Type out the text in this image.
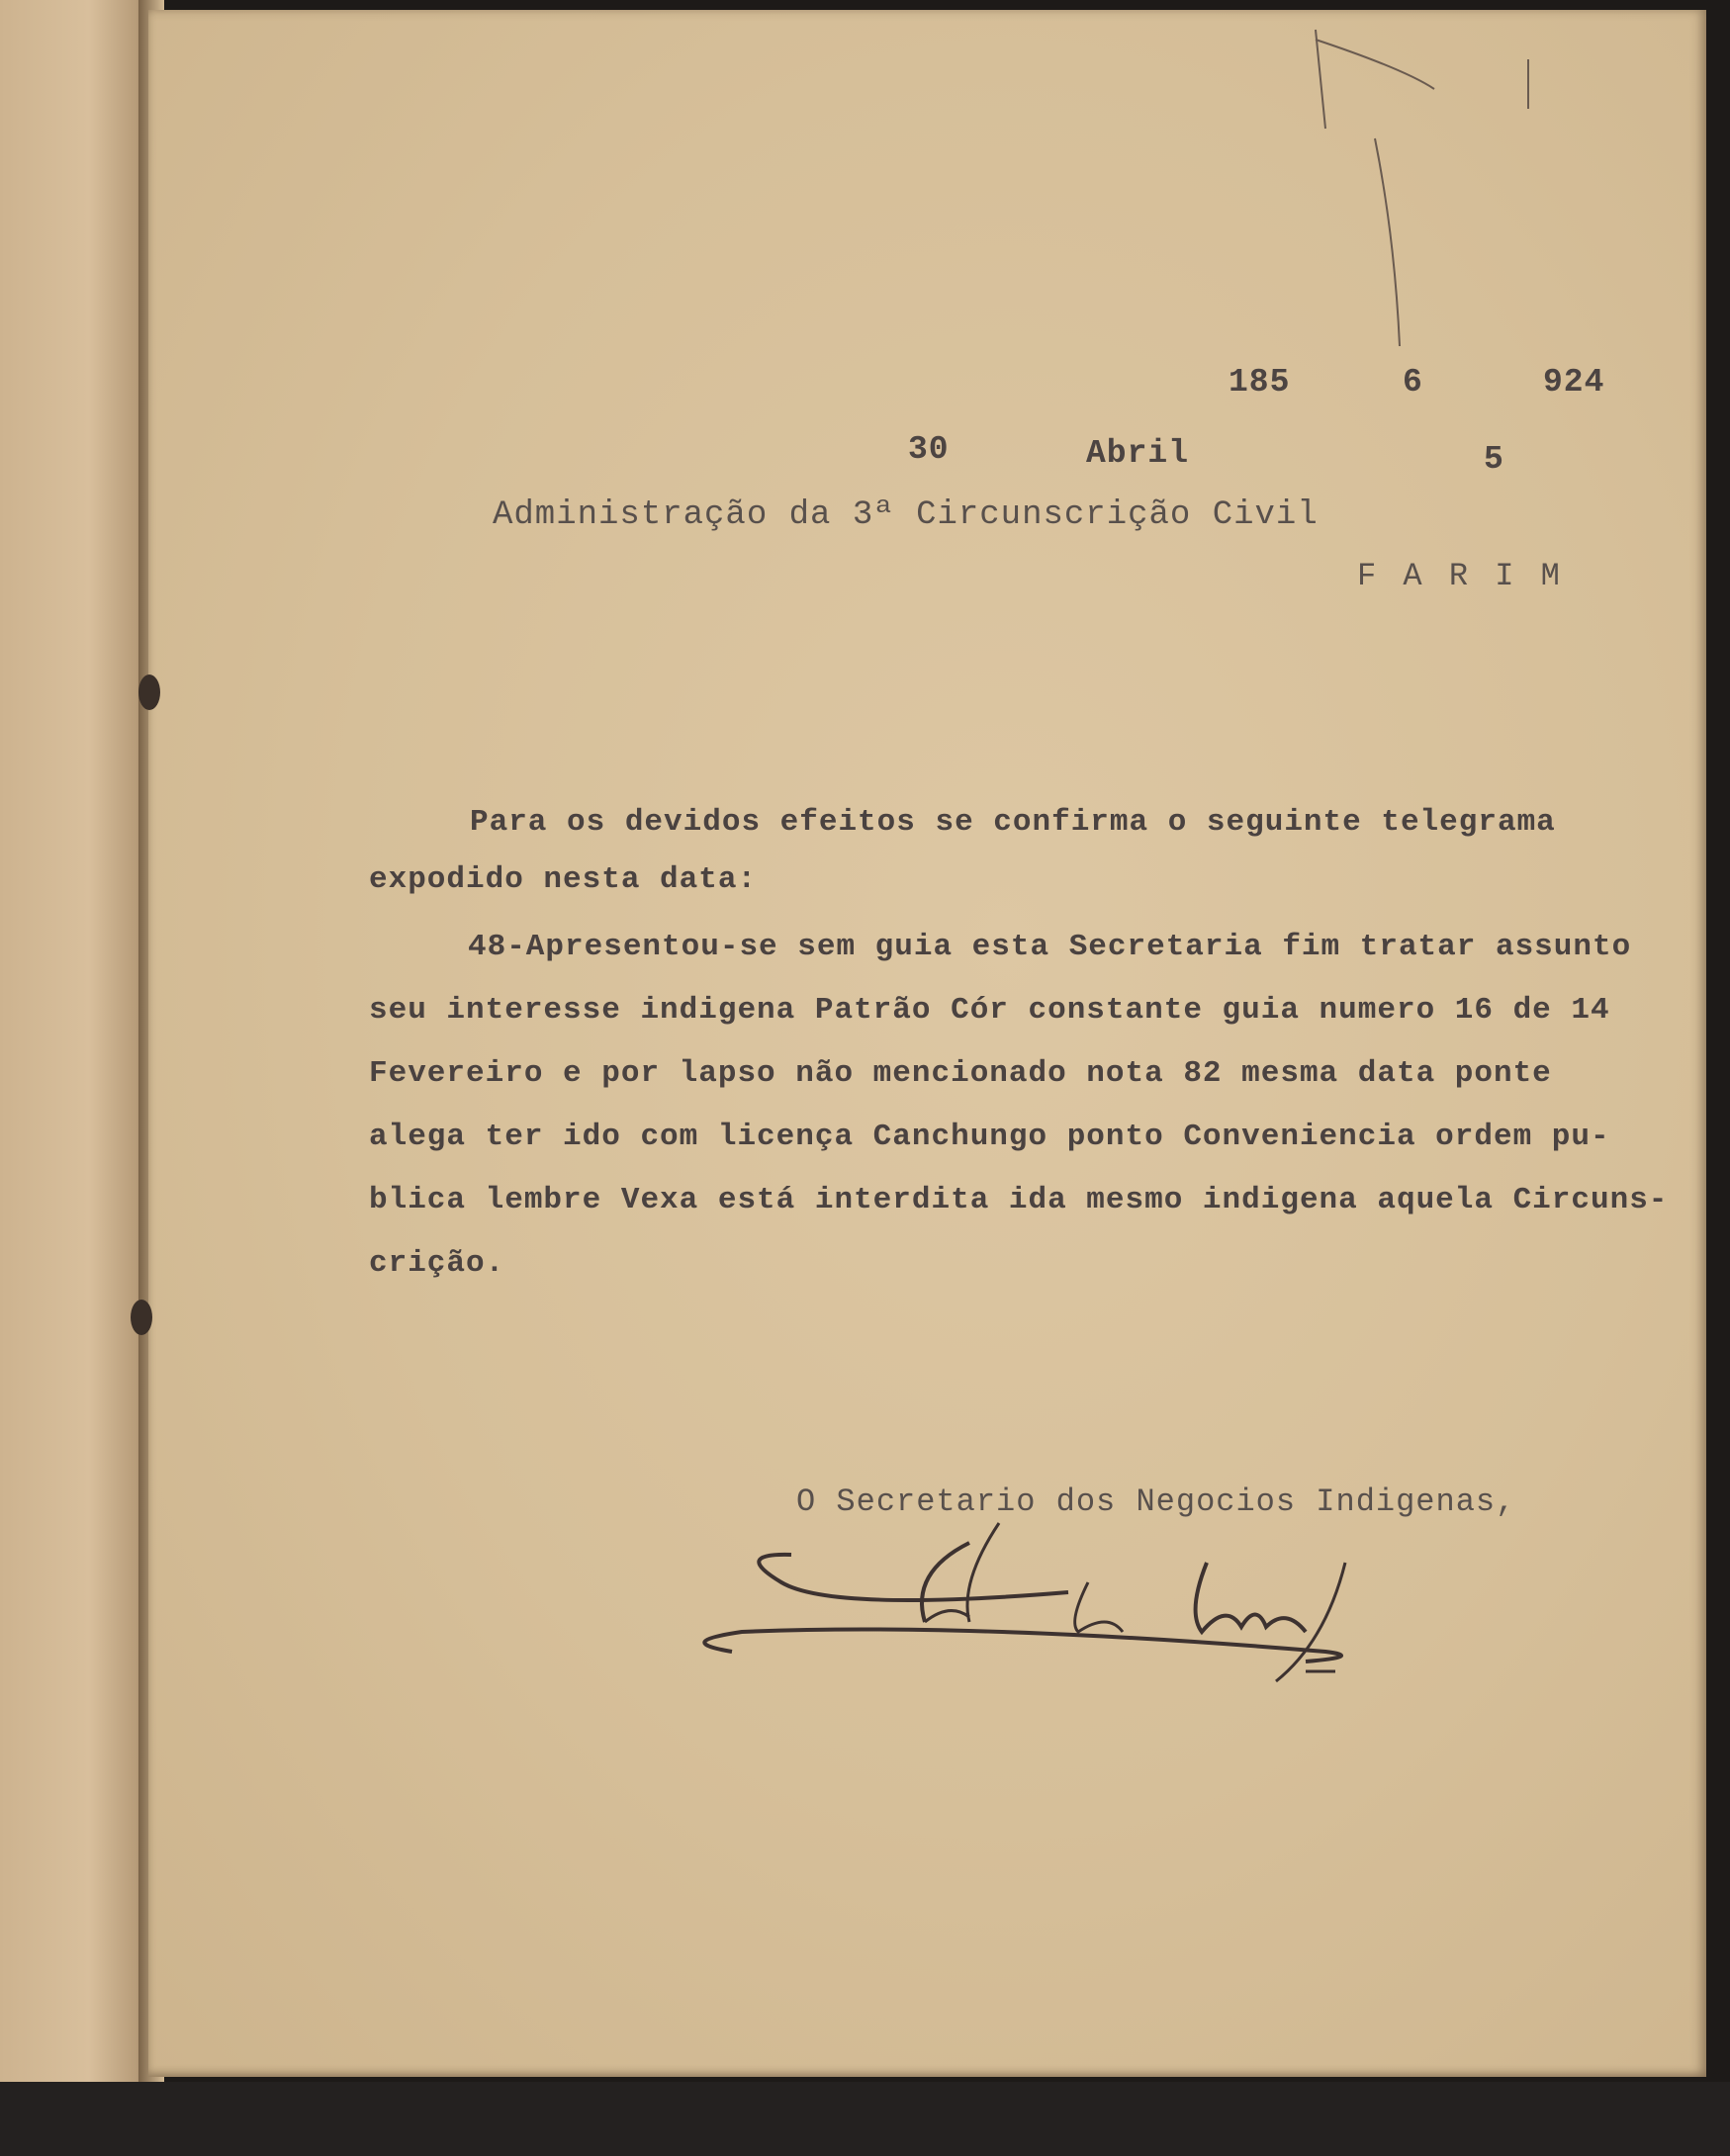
185	6	924
30	Abril	5
Administração da 3ª Circunscrição Civil
F A R I M
Para os devidos efeitos se confirma o seguinte telegrama
expodido nesta data:
48-Apresentou-se sem guia esta Secretaria fim tratar assunto
seu interesse indigena Patrão Cór constante guia numero 16 de 14
Fevereiro e por lapso não mencionado nota 82 mesma data ponte
alega ter ido com licença Canchungo ponto Conveniencia ordem pu-
blica lembre Vexa está interdita ida mesmo indigena aquela Circuns-
crição.
O Secretario dos Negocios Indigenas,
